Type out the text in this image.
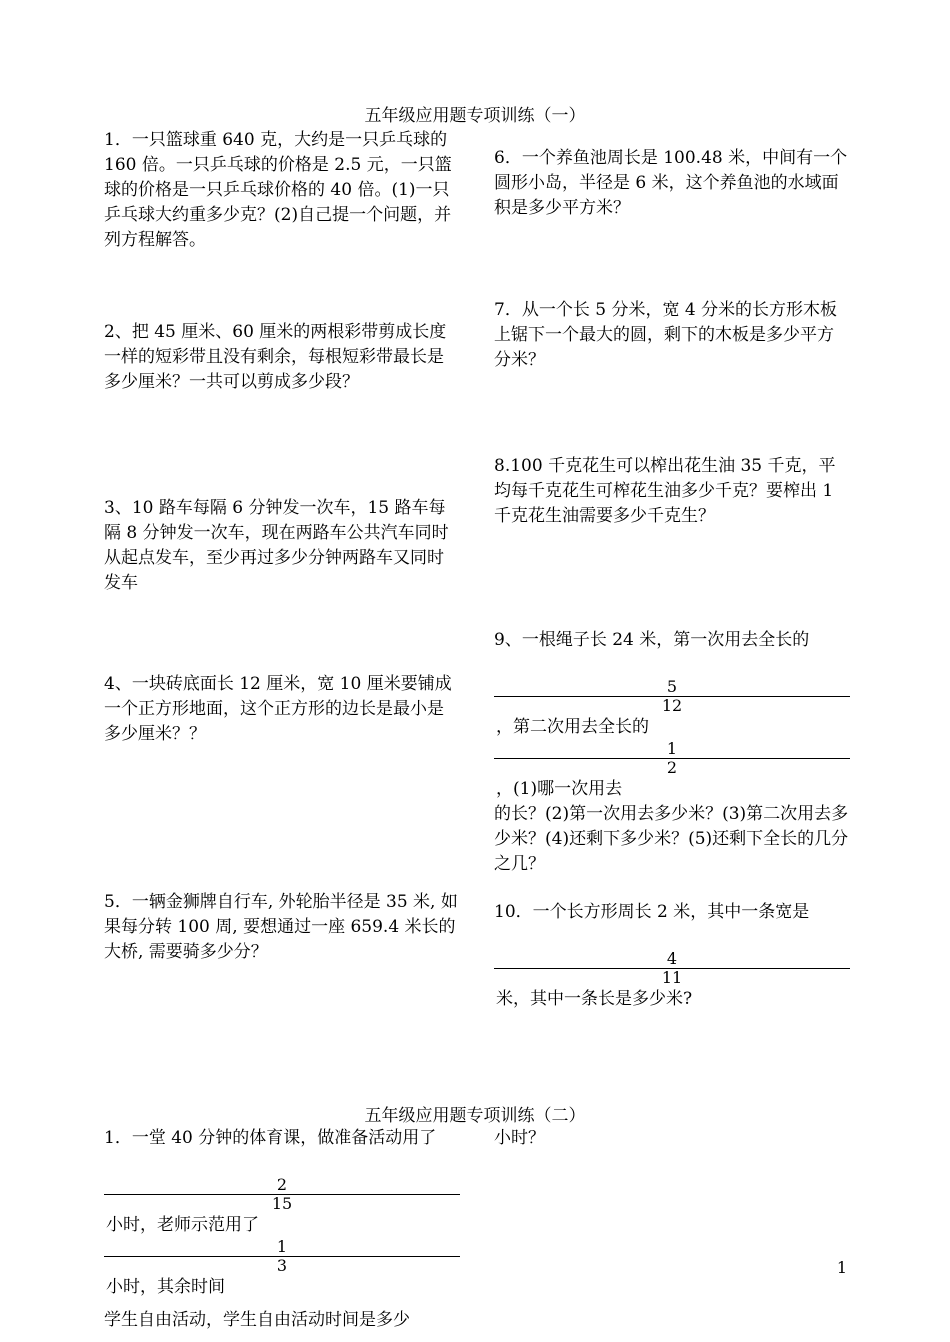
五年级应用题专项训练（一）
1．一只篮球重 640 克，大约是一只乒乓球的 160 倍。一只乒乓球的价格是 2.5 元，一只篮球的价格是一只乒乓球价格的 40 倍。(1)一只乒乓球大约重多少克？(2)自己提一个问题，并列方程解答。
6．一个养鱼池周长是 100.48 米，中间有一个圆形小岛，半径是 6 米，这个养鱼池的水域面积是多少平方米？
7．从一个长 5 分米，宽 4 分米的长方形木板上锯下一个最大的圆，剩下的木板是多少平方分米？
2、把 45 厘米、60 厘米的两根彩带剪成长度一样的短彩带且没有剩余，每根短彩带最长是多少厘米？一共可以剪成多少段？
8.100 千克花生可以榨出花生油 35 千克，平均每千克花生可榨花生油多少千克？要榨出 1 千克花生油需要多少千克生？
3、10 路车每隔 6 分钟发一次车，15 路车每隔 8 分钟发一次车，现在两路车公共汽车同时从起点发车，至少再过多少分钟两路车又同时发车
9、一根绳子长 24 米，第一次用去全长的

5
12
，第二次用去全长的
1
2
，(1)哪一次用去
的长？(2)第一次用去多少米？(3)第二次用去多少米？(4)还剩下多少米？(5)还剩下全长的几分之几？
4、一块砖底面长 12 厘米，宽 10 厘米要铺成一个正方形地面，这个正方形的边长是最小是多少厘米？？
5．一辆金狮牌自行车, 外轮胎半径是 35 米, 如果每分转 100 周, 要想通过一座 659.4 米长的大桥, 需要骑多少分？
10．一个长方形周长 2 米，其中一条宽是

4
11
米，其中一条长是多少米?
五年级应用题专项训练（二）
1．一堂 40 分钟的体育课，做准备活动用了

2
15
小时，老师示范用了
1
3
小时，其余时间
学生自由活动，学生自由活动时间是多少
小时？
1
